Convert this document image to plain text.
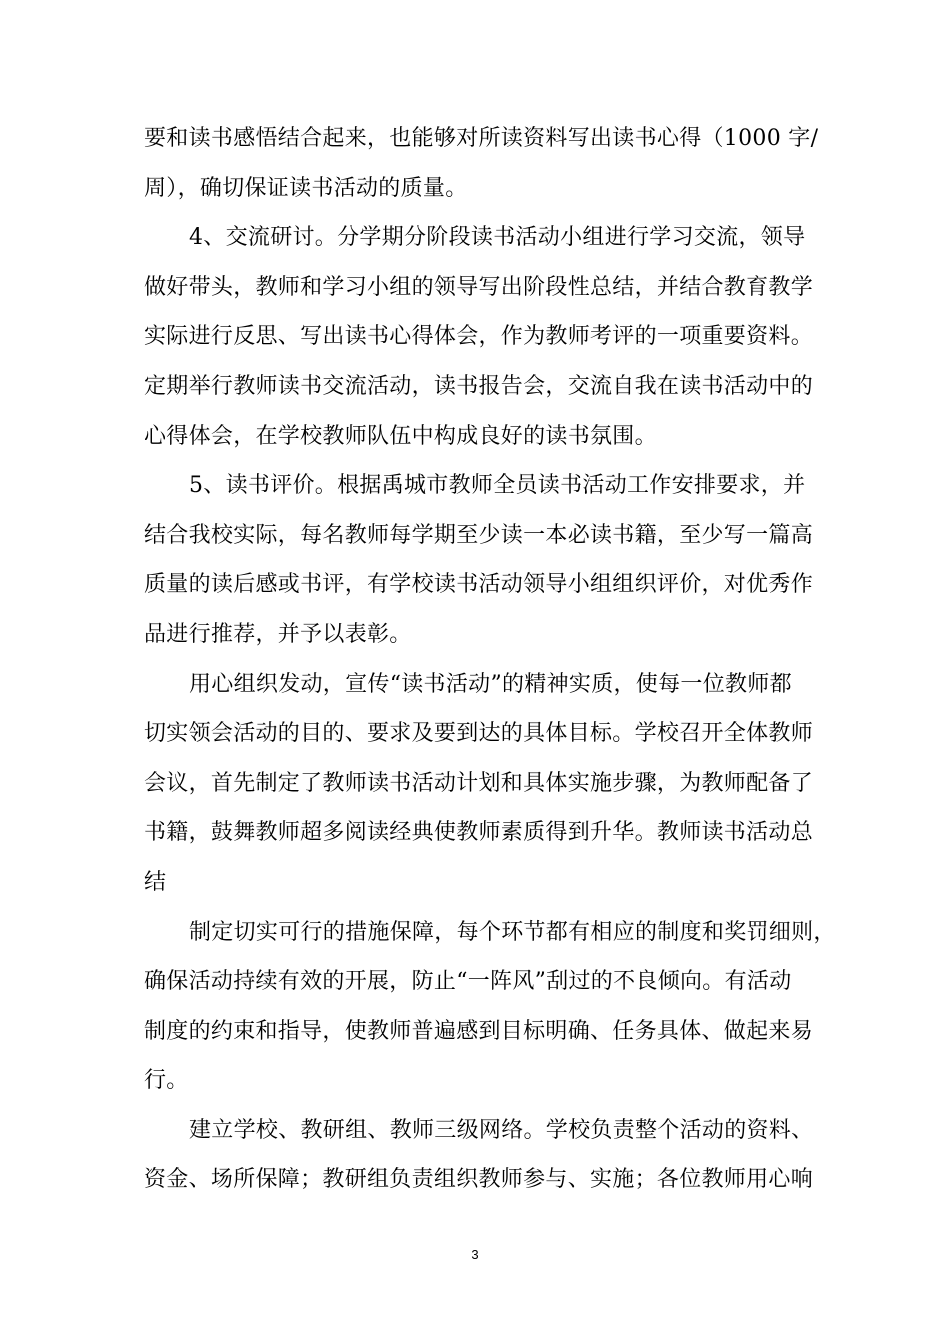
要和读书感悟结合起来，也能够对所读资料写出读书心得（1000 字/
周），确切保证读书活动的质量。

4、交流研讨。分学期分阶段读书活动小组进行学习交流，领导
做好带头，教师和学习小组的领导写出阶段性总结，并结合教育教学
实际进行反思、写出读书心得体会，作为教师考评的一项重要资料。
定期举行教师读书交流活动，读书报告会，交流自我在读书活动中的
心得体会，在学校教师队伍中构成良好的读书氛围。

5、读书评价。根据禹城市教师全员读书活动工作安排要求，并
结合我校实际，每名教师每学期至少读一本必读书籍，至少写一篇高
质量的读后感或书评，有学校读书活动领导小组组织评价，对优秀作
品进行推荐，并予以表彰。

用心组织发动，宣传“读书活动”的精神实质，使每一位教师都
切实领会活动的目的、要求及要到达的具体目标。学校召开全体教师
会议，首先制定了教师读书活动计划和具体实施步骤，为教师配备了
书籍，鼓舞教师超多阅读经典使教师素质得到升华。教师读书活动总
结

制定切实可行的措施保障，每个环节都有相应的制度和奖罚细则，
确保活动持续有效的开展，防止“一阵风”刮过的不良倾向。有活动
制度的约束和指导，使教师普遍感到目标明确、任务具体、做起来易
行。

建立学校、教研组、教师三级网络。学校负责整个活动的资料、
资金、场所保障；教研组负责组织教师参与、实施；各位教师用心响

3
